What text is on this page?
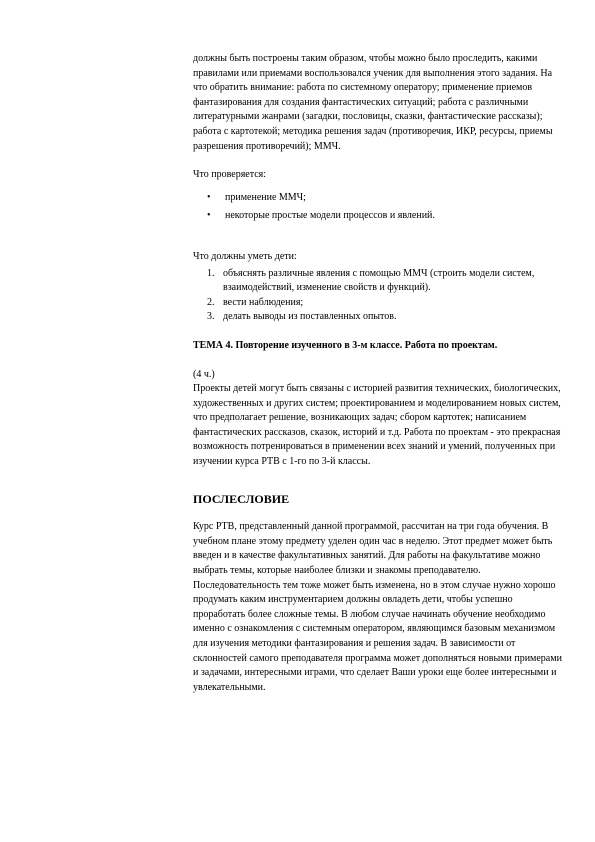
должны быть построены таким образом, чтобы можно было проследить, какими правилами или приемами воспользовался ученик для выполнения этого задания. На что обратить внимание: работа по системному оператору; применение приемов фантазирования для создания фантастических ситуаций; работа с различными литературными жанрами (загадки, пословицы, сказки, фантастические рассказы); работа с картотекой; методика решения задач (противоречия, ИКР, ресурсы, приемы разрешения противоречий); ММЧ.

Что проверяется:

• применение ММЧ;
• некоторые простые модели процессов и явлений.

Что должны уметь дети:

1. объяснять различные явления с помощью ММЧ (строить модели систем, взаимодействий, изменение свойств и функций).
2. вести наблюдения;
3. делать выводы из поставленных опытов.

ТЕМА 4. Повторение изученного в 3-м классе. Работа по проектам.

(4 ч.)

Проекты детей могут быть связаны с историей развития технических, биологических, художественных и других систем; проектированием и моделированием новых систем, что предполагает решение, возникающих задач; сбором картотек; написанием фантастических рассказов, сказок, историй и т.д. Работа по проектам - это прекрасная возможность потренироваться в применении всех знаний и умений, полученных при изучении курса РТВ с 1-го по 3-й классы.

ПОСЛЕСЛОВИЕ

Курс РТВ, представленный данной программой, рассчитан на три года обучения. В учебном плане этому предмету уделен один час в неделю. Этот предмет может быть введен и в качестве факультативных занятий. Для работы на факультативе можно выбрать темы, которые наиболее близки и знакомы преподавателю. Последовательность тем тоже может быть изменена, но в этом случае нужно хорошо продумать каким инструментарием должны овладеть дети, чтобы успешно проработать более сложные темы. В любом случае начинать обучение необходимо именно с ознакомления с системным оператором, являющимся базовым механизмом для изучения методики фантазирования и решения задач. В зависимости от склонностей самого преподавателя программа может дополняться новыми примерами и задачами, интересными играми, что сделает Ваши уроки еще более интересными и увлекательными.
